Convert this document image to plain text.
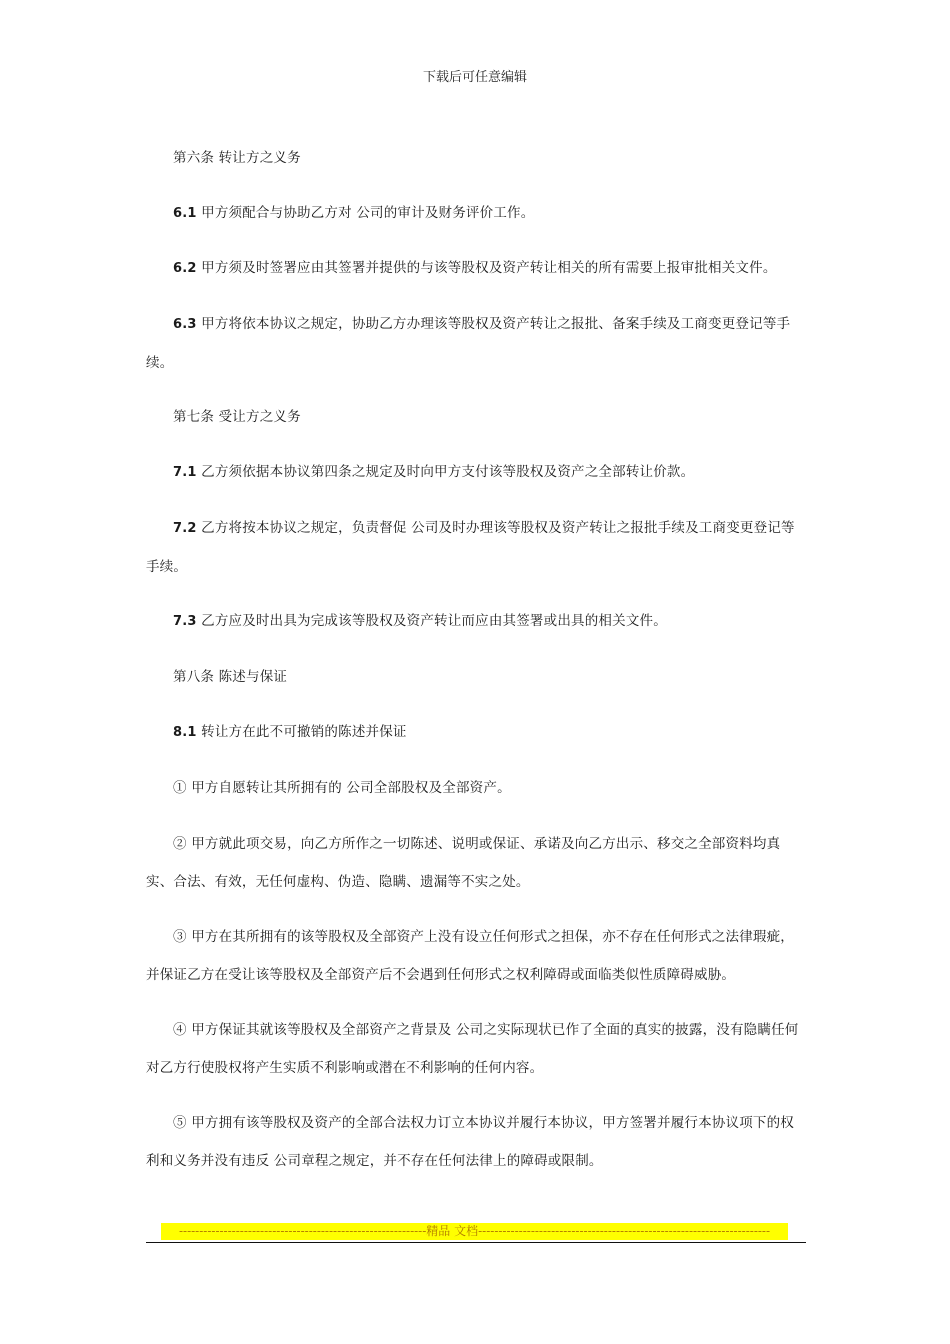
下载后可任意编辑
第六条 转让方之义务
6.1 甲方须配合与协助乙方对 公司的审计及财务评价工作。
6.2 甲方须及时签署应由其签署并提供的与该等股权及资产转让相关的所有需要上报审批相关文件。
6.3 甲方将依本协议之规定，协助乙方办理该等股权及资产转让之报批、备案手续及工商变更登记等手续。
第七条 受让方之义务
7.1 乙方须依据本协议第四条之规定及时向甲方支付该等股权及资产之全部转让价款。
7.2 乙方将按本协议之规定，负责督促 公司及时办理该等股权及资产转让之报批手续及工商变更登记等手续。
7.3 乙方应及时出具为完成该等股权及资产转让而应由其签署或出具的相关文件。
第八条 陈述与保证
8.1 转让方在此不可撤销的陈述并保证
① 甲方自愿转让其所拥有的 公司全部股权及全部资产。
② 甲方就此项交易，向乙方所作之一切陈述、说明或保证、承诺及向乙方出示、移交之全部资料均真实、合法、有效，无任何虚构、伪造、隐瞒、遗漏等不实之处。
③ 甲方在其所拥有的该等股权及全部资产上没有设立任何形式之担保，亦不存在任何形式之法律瑕疵，并保证乙方在受让该等股权及全部资产后不会遇到任何形式之权利障碍或面临类似性质障碍威胁。
④ 甲方保证其就该等股权及全部资产之背景及 公司之实际现状已作了全面的真实的披露，没有隐瞒任何对乙方行使股权将产生实质不利影响或潜在不利影响的任何内容。
⑤ 甲方拥有该等股权及资产的全部合法权力订立本协议并履行本协议，甲方签署并履行本协议项下的权利和义务并没有违反 公司章程之规定，并不存在任何法律上的障碍或限制。
-------------------------------------------------------------精品 文档------------------------------------------------------------------------
